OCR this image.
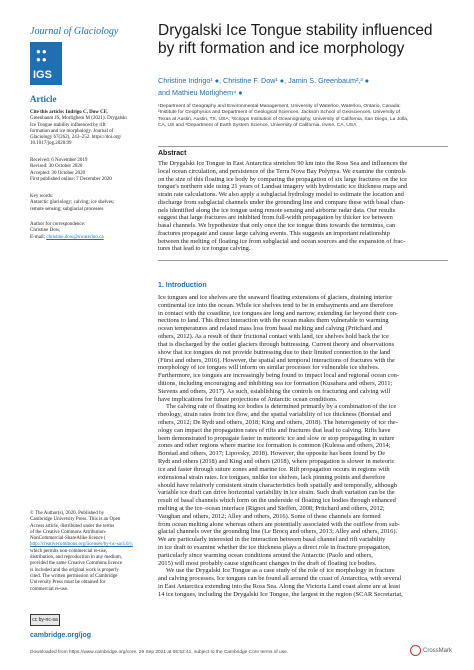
Journal of Glaciology
●●
●●
IGS
Article
Cite this article: Indrigo C, Dow CF,
Greenbaum JS, Morlighem M (2021). Drygalski
Ice Tongue stability influenced by rift
formation and ice morphology. Journal of
Glaciology 67(262), 243–252. https://doi.org/
10.1017/jog.2020.99
Received: 6 November 2019
Revised: 30 October 2020
Accepted: 30 October 2020
First published online: 7 December 2020
Key words:
Antarctic glaciology; calving; ice shelves;
remote sensing; subglacial processes
Author for correspondence:
Christine Dow,
E-mail: christine.dow@uwaterloo.ca
© The Author(s), 2020. Published by
Cambridge University Press. This is an Open
Access article, distributed under the terms
of the Creative Commons Attribution-
NonCommercial-ShareAlike licence (
http://creativecommons.org/licenses/by-nc-sa/4.0/),
which permits non-commercial re-use,
distribution, and reproduction in any medium,
provided the same Creative Commons licence
is included and the original work is properly
cited. The written permission of Cambridge
University Press must be obtained for
commercial re-use.
cc by-nc-sa
cambridge.org/jog
Drygalski Ice Tongue stability influenced by rift formation and ice morphology
Christine Indrigo¹ ●, Christine F. Dow¹ ●, Jamin S. Greenbaum²,³ ●
and Mathieu Morlighem⁴ ●
¹Department of Geography and Environmental Management, University of Waterloo, Waterloo, Ontario, Canada;
²Institute for Geophysics and Department of Geological Sciences, Jackson School of Geosciences, University of
Texas at Austin, Austin, TX, USA; ³Scripps Institution of Oceanography, University of California, San Diego, La Jolla,
CA, US and ⁴Department of Earth System Science, University of California, Irvine, CA, USA
Abstract
The Drygalski Ice Tongue in East Antarctica stretches 90 km into the Ross Sea and influences the
local ocean circulation, and persistence of the Terra Nova Bay Polynya. We examine the controls
on the size of this floating ice body by comparing the propagation of six large fractures on the ice
tongue's northern side using 21 years of Landsat imagery with hydrostatic ice thickness maps and
strain rate calculations. We also apply a subglacial hydrology model to estimate the location and
discharge from subglacial channels under the grounding line and compare these with basal chan-
nels identified along the ice tongue using remote sensing and airborne radar data. Our results
suggest that large fractures are inhibited from full-width propagation by thicker ice between
basal channels. We hypothesize that only once the ice tongue thins towards the terminus, can
fractures propagate and cause large calving events. This suggests an important relationship
between the melting of floating ice from subglacial and ocean sources and the expansion of frac-
tures that lead to ice tongue calving.
1. Introduction
Ice tongues and ice shelves are the seaward floating extensions of glaciers, draining interior
continental ice into the ocean. While ice shelves tend to be in embayments and are therefore
in contact with the coastline, ice tongues are long and narrow, extending far beyond their con-
nections to land. This direct interaction with the ocean makes them vulnerable to warming
ocean temperatures and related mass loss from basal melting and calving (Pritchard and
others, 2012). As a result of their frictional contact with land, ice shelves hold back the ice
that is discharged by the outlet glaciers through buttressing. Current theory and observations
show that ice tongues do not provide buttressing due to their limited connection to the land
(Fürst and others, 2016). However, the spatial and temporal interactions of fractures with the
morphology of ice tongues will inform on similar processes for vulnerable ice shelves.
Furthermore, ice tongues are increasingly being found to impact local and regional ocean con-
ditions, including encouraging and inhibiting sea ice formation (Kusahara and others, 2011;
Stevens and others, 2017). As such, establishing the controls on fracturing and calving will
have implications for future projections of Antarctic ocean conditions.
The calving rate of floating ice bodies is determined primarily by a combination of the ice
rheology, strain rates from ice flow, and the spatial variability of ice thickness (Borstad and
others, 2012; De Rydt and others, 2018; King and others, 2018). The heterogeneity of ice rhe-
ology can impact the propagation rates of rifts and fractures that lead to calving. Rifts have
been demonstrated to propagate faster in meteoric ice and slow or stop propagating in suture
zones and other regions where marine ice formation is common (Kulessa and others, 2014;
Borstad and others, 2017; Lipovsky, 2018). However, the opposite has been found by De
Rydt and others (2018) and King and others (2018), where propagation is slower in meteoric
ice and faster through suture zones and marine ice. Rift propagation occurs in regions with
extensional strain rates. Ice tongues, unlike ice shelves, lack pinning points and therefore
should have relatively consistent strain characteristics both spatially and temporally, although
variable ice draft can drive horizontal variability in ice strain. Such draft variation can be the
result of basal channels which form on the underside of floating ice bodies through enhanced
melting at the ice–ocean interface (Rignot and Steffen, 2008; Pritchard and others, 2012;
Vaughan and others, 2012; Alley and others, 2016). Some of these channels are formed
from ocean melting alone whereas others are potentially associated with the outflow from sub-
glacial channels over the grounding line (Le Brocq and others, 2013; Alley and others, 2016).
We are particularly interested in the interaction between basal channel and rift variability
in ice draft to examine whether the ice thickness plays a direct role in fracture propagation,
particularly since warming ocean conditions around the Antarctic (Paolo and others,
2015) will most probably cause significant changes in the draft of floating ice bodies.
We use the Drygalski Ice Tongue as a case study of the role of ice morphology in fracture
and calving processes. Ice tongues can be found all around the coast of Antarctica, with several
in East Antarctica extending into the Ross Sea. Along the Victoria Land coast alone are at least
14 ice tongues, including the Drygalski Ice Tongue, the largest in the region (SCAR Secretariat,
Downloaded from https://www.cambridge.org/core. 29 Sep 2021 at 06:52:41, subject to the Cambridge Core terms of use.	CrossMark
